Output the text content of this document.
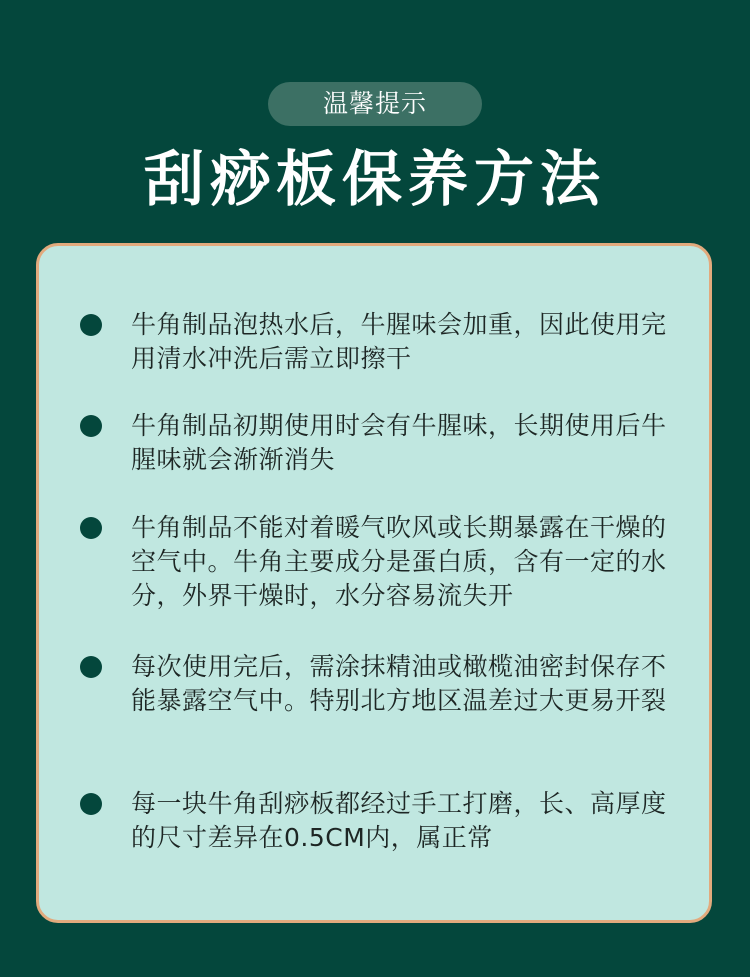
温馨提示
刮痧板保养方法
牛角制品泡热水后，牛腥味会加重，因此使用完用清水冲洗后需立即擦干
牛角制品初期使用时会有牛腥味，长期使用后牛腥味就会渐渐消失
牛角制品不能对着暖气吹风或长期暴露在干燥的空气中。牛角主要成分是蛋白质，含有一定的水分，外界干燥时，水分容易流失开
每次使用完后，需涂抹精油或橄榄油密封保存不能暴露空气中。特别北方地区温差过大更易开裂
每一块牛角刮痧板都经过手工打磨，长、高厚度的尺寸差异在0.5CM内，属正常
